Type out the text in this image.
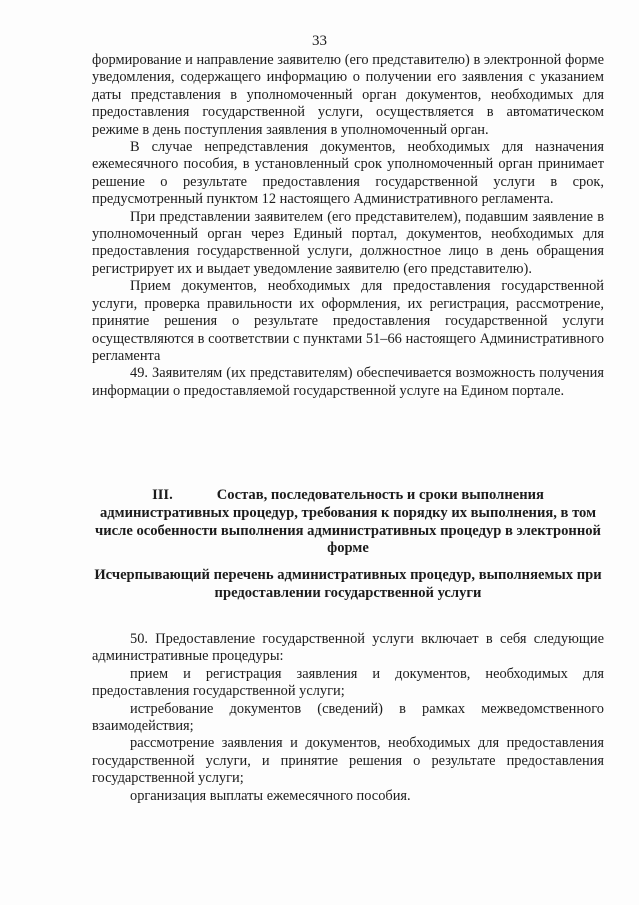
33

формирование и направление заявителю (его представителю) в электронной форме уведомления, содержащего информацию о получении его заявления с указанием даты представления в уполномоченный орган документов, необходимых для предоставления государственной услуги, осуществляется в автоматическом режиме в день поступления заявления в уполномоченный орган.

В случае непредставления документов, необходимых для назначения ежемесячного пособия, в установленный срок уполномоченный орган принимает решение о результате предоставления государственной услуги в срок, предусмотренный пунктом 12 настоящего Административного регламента.

При представлении заявителем (его представителем), подавшим заявление в уполномоченный орган через Единый портал, документов, необходимых для предоставления государственной услуги, должностное лицо в день обращения регистрирует их и выдает уведомление заявителю (его представителю).

Прием документов, необходимых для предоставления государственной услуги, проверка правильности их оформления, их регистрация, рассмотрение, принятие решения о результате предоставления государственной услуги осуществляются в соответствии с пунктами 51–66 настоящего Административного регламента

49. Заявителям (их представителям) обеспечивается возможность получения информации о предоставляемой государственной услуге на Едином портале.

III.	Состав, последовательность и сроки выполнения
административных процедур, требования к порядку их выполнения, в том числе особенности выполнения административных процедур в электронной форме
Исчерпывающий перечень административных процедур, выполняемых при предоставлении государственной услуги

50. Предоставление государственной услуги включает в себя следующие административные процедуры:

прием и регистрация заявления и документов, необходимых для предоставления государственной услуги;

истребование документов (сведений) в рамках межведомственного взаимодействия;

рассмотрение заявления и документов, необходимых для предоставления государственной услуги, и принятие решения о результате предоставления государственной услуги;

организация выплаты ежемесячного пособия.
